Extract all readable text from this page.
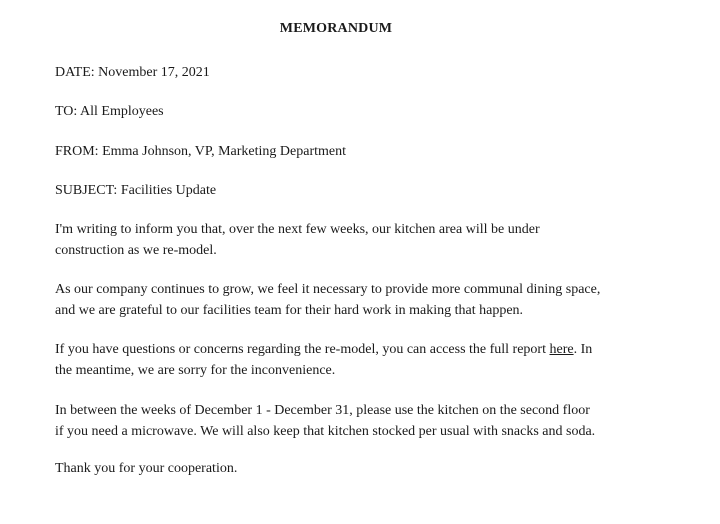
MEMORANDUM
DATE: November 17, 2021
TO: All Employees
FROM: Emma Johnson, VP, Marketing Department
SUBJECT: Facilities Update
I'm writing to inform you that, over the next few weeks, our kitchen area will be under
construction as we re-model.
As our company continues to grow, we feel it necessary to provide more communal dining space,
and we are grateful to our facilities team for their hard work in making that happen.
If you have questions or concerns regarding the re-model, you can access the full report here. In
the meantime, we are sorry for the inconvenience.
In between the weeks of December 1 - December 31, please use the kitchen on the second floor
if you need a microwave. We will also keep that kitchen stocked per usual with snacks and soda.
Thank you for your cooperation.
